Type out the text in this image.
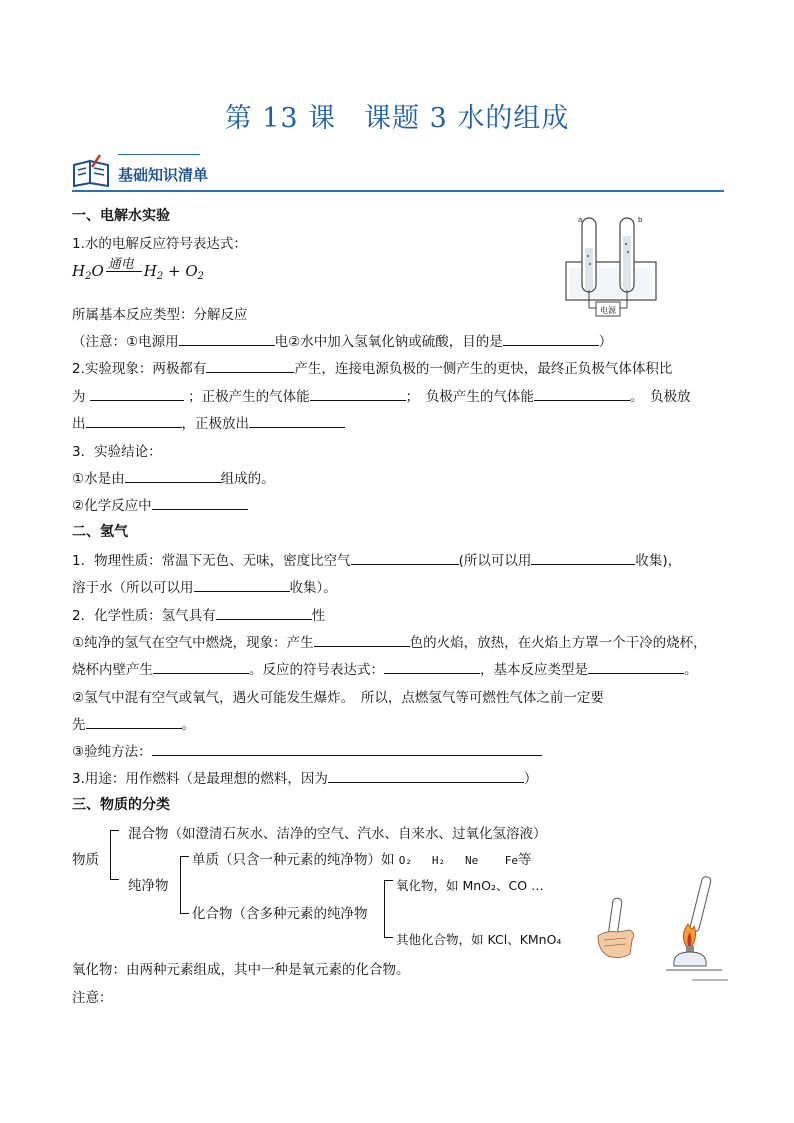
第 13 课　课题 3 水的组成
基础知识清单
一、电解水实验
1.水的电解反应符号表达式：
$H_2O$ 通电 $H_2 + O_2$
所属基本反应类型：分解反应
（注意：①电源用	电②水中加入氢氧化钠或硫酸，目的是	）
2.实验现象：两极都有	产生，连接电源负极的一侧产生的更快，最终正负极气体体积比
为	；正极产生的气体能	；　负极产生的气体能	。　负极放
出	，正极放出
3．实验结论：
①水是由	组成的。
②化学反应中
电源
a	b
二、氢气
1．物理性质：常温下无色、无味，密度比空气	(所以可以用	收集)，
溶于水（所以可以用	收集）。
2．化学性质：氢气具有	性
①纯净的氢气在空气中燃烧，现象：产生	色的火焰，放热，在火焰上方罩一个干冷的烧杯，
烧杯内壁产生	。反应的符号表达式：	，基本反应类型是	。
②氢气中混有空气或氧气，遇火可能发生爆炸。　所以，点燃氢气等可燃性气体之前一定要
先	。
③验纯方法：
3.用途：用作燃料（是最理想的燃料，因为	）
三、物质的分类
混合物（如澄清石灰水、洁净的空气、汽水、自来水、过氧化氢溶液）
物质
纯净物
单质（只含一种元素的纯净物）如 O₂ H₂ Ne Fe等
化合物（含多种元素的纯净物
氧化物，如 MnO₂、CO …
其他化合物，如 KCl、KMnO₄
氧化物：由两种元素组成，其中一种是氧元素的化合物。
注意：
